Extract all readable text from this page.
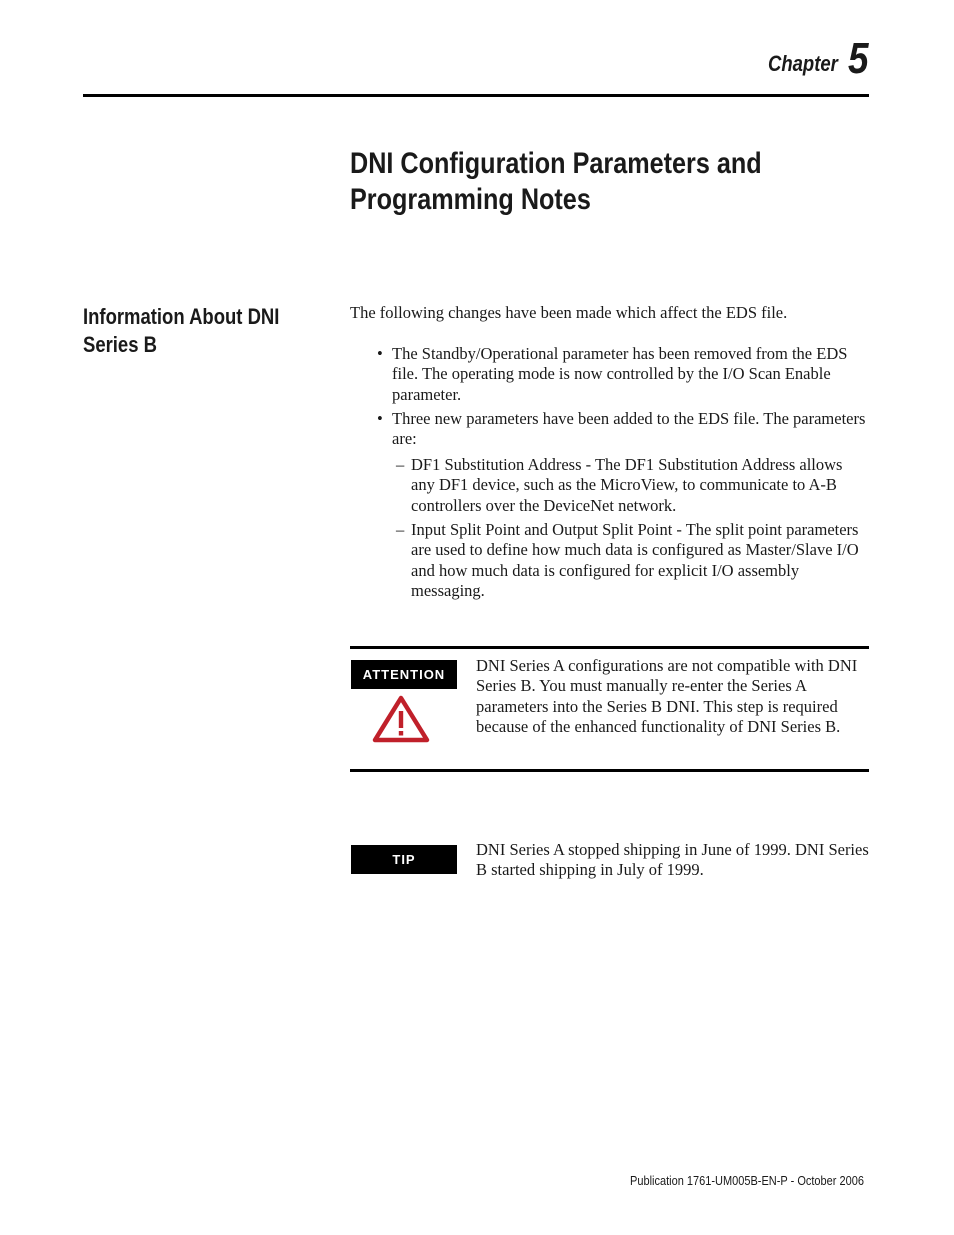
Chapter 5
DNI Configuration Parameters and
Programming Notes
Information About DNI
Series B
The following changes have been made which affect the EDS file.
• The Standby/Operational parameter has been removed from the EDS file. The operating mode is now controlled by the I/O Scan Enable parameter.
• Three new parameters have been added to the EDS file. The parameters are:
– DF1 Substitution Address - The DF1 Substitution Address allows any DF1 device, such as the MicroView, to communicate to A-B controllers over the DeviceNet network.
– Input Split Point and Output Split Point - The split point parameters are used to define how much data is configured as Master/Slave I/O and how much data is configured for explicit I/O assembly messaging.
ATTENTION	DNI Series A configurations are not compatible with DNI Series B. You must manually re-enter the Series A parameters into the Series B DNI. This step is required because of the enhanced functionality of DNI Series B.
TIP
DNI Series A stopped shipping in June of 1999. DNI Series B started shipping in July of 1999.
Publication 1761-UM005B-EN-P - October 2006
